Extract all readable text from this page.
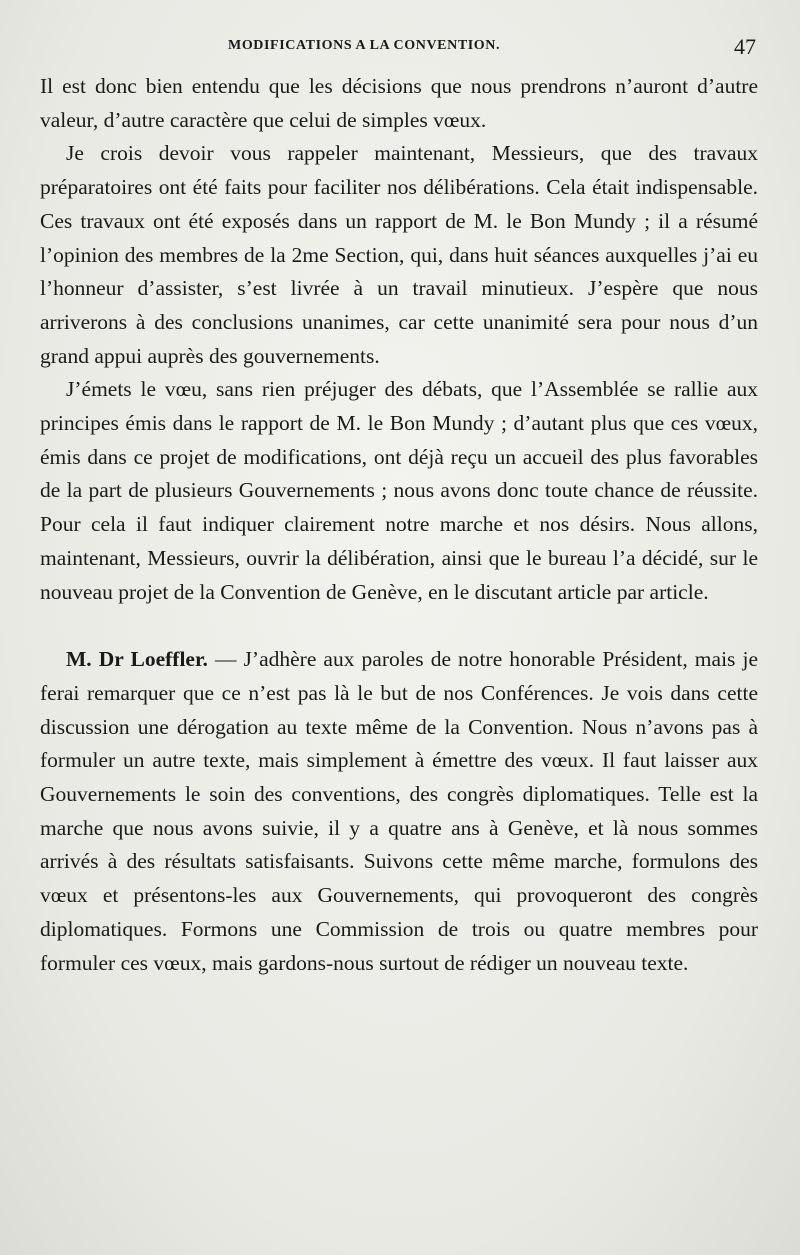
MODIFICATIONS A LA CONVENTION.	47

Il est donc bien entendu que les décisions que nous prendrons n’auront d’autre valeur, d’autre caractère que celui de simples vœux.

Je crois devoir vous rappeler maintenant, Messieurs, que des travaux préparatoires ont été faits pour faciliter nos délibérations. Cela était indispensable. Ces travaux ont été exposés dans un rapport de M. le Bon Mundy ; il a résumé l’opinion des membres de la 2me Section, qui, dans huit séances auxquelles j’ai eu l’honneur d’assister, s’est livrée à un travail minutieux. J’espère que nous arriverons à des conclusions unanimes, car cette unanimité sera pour nous d’un grand appui auprès des gouvernements.

J’émets le vœu, sans rien préjuger des débats, que l’Assemblée se rallie aux principes émis dans le rapport de M. le Bon Mundy ; d’autant plus que ces vœux, émis dans ce projet de modifications, ont déjà reçu un accueil des plus favorables de la part de plusieurs Gouvernements ; nous avons donc toute chance de réussite. Pour cela il faut indiquer clairement notre marche et nos désirs. Nous allons, maintenant, Messieurs, ouvrir la délibération, ainsi que le bureau l’a décidé, sur le nouveau projet de la Convention de Genève, en le discutant article par article.

M. Dr Loeffler. — J’adhère aux paroles de notre honorable Président, mais je ferai remarquer que ce n’est pas là le but de nos Conférences. Je vois dans cette discussion une dérogation au texte même de la Convention. Nous n’avons pas à formuler un autre texte, mais simplement à émettre des vœux. Il faut laisser aux Gouvernements le soin des conventions, des congrès diplomatiques. Telle est la marche que nous avons suivie, il y a quatre ans à Genève, et là nous sommes arrivés à des résultats satisfaisants. Suivons cette même marche, formulons des vœux et présentons-les aux Gouvernements, qui provoqueront des congrès diplomatiques. Formons une Commission de trois ou quatre membres pour formuler ces vœux, mais gardons-nous surtout de rédiger un nouveau texte.
